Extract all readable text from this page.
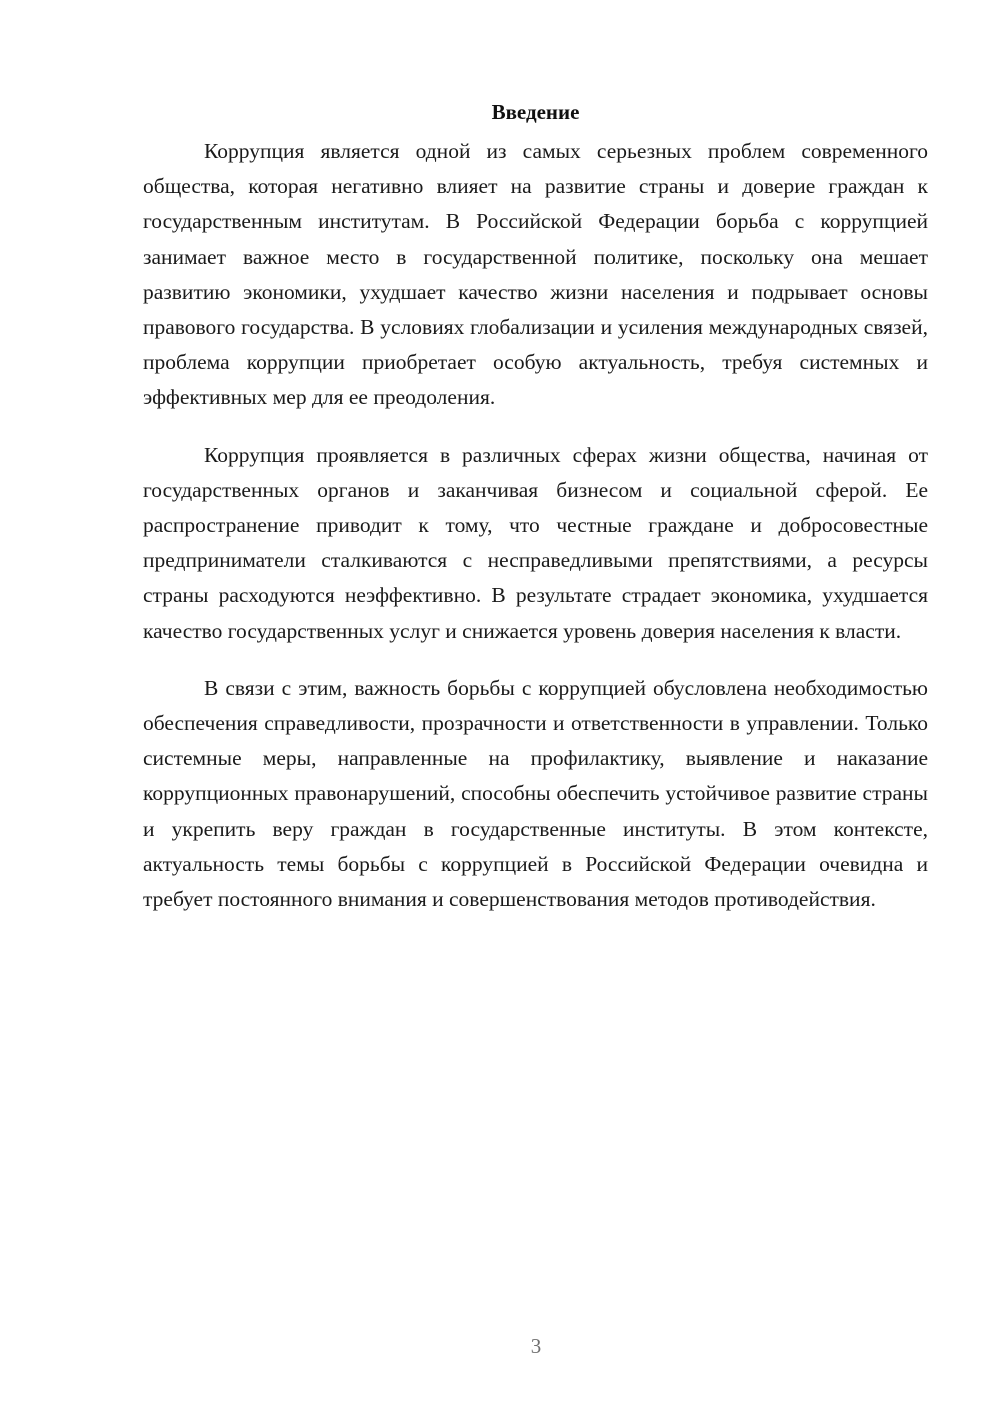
Введение

Коррупция является одной из самых серьезных проблем современного общества, которая негативно влияет на развитие страны и доверие граждан к государственным институтам. В Российской Федерации борьба с коррупцией занимает важное место в государственной политике, поскольку она мешает развитию экономики, ухудшает качество жизни населения и подрывает основы правового государства. В условиях глобализации и усиления международных связей, проблема коррупции приобретает особую актуальность, требуя системных и эффективных мер для ее преодоления.

Коррупция проявляется в различных сферах жизни общества, начиная от государственных органов и заканчивая бизнесом и социальной сферой. Ее распространение приводит к тому, что честные граждане и добросовестные предприниматели сталкиваются с несправедливыми препятствиями, а ресурсы страны расходуются неэффективно. В результате страдает экономика, ухудшается качество государственных услуг и снижается уровень доверия населения к власти.

В связи с этим, важность борьбы с коррупцией обусловлена необходимостью обеспечения справедливости, прозрачности и ответственности в управлении. Только системные меры, направленные на профилактику, выявление и наказание коррупционных правонарушений, способны обеспечить устойчивое развитие страны и укрепить веру граждан в государственные институты. В этом контексте, актуальность темы борьбы с коррупцией в Российской Федерации очевидна и требует постоянного внимания и совершенствования методов противодействия.

3
